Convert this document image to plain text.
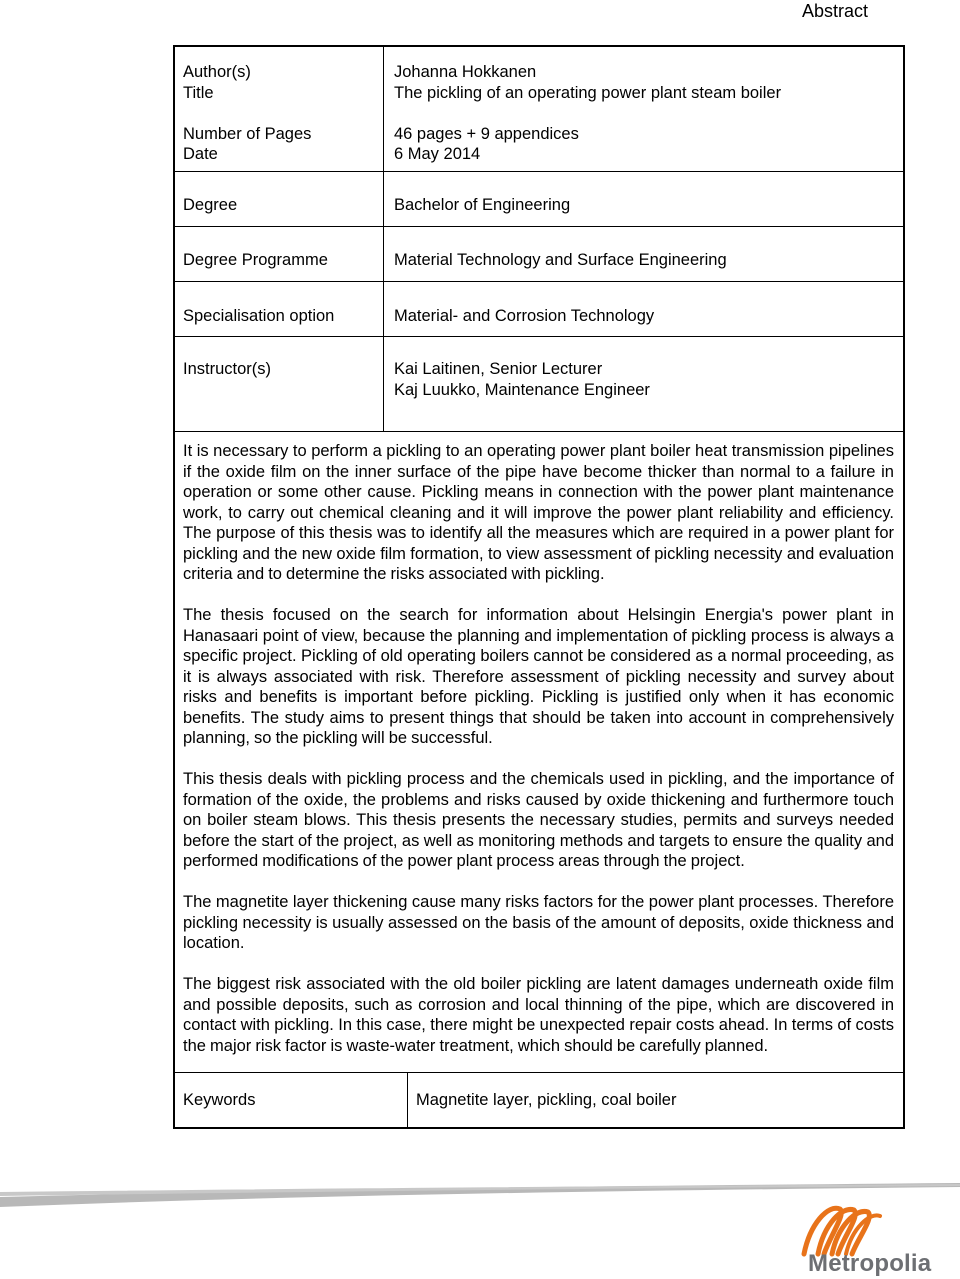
Abstract
Author(s)
Title
Number of Pages
Date
Degree
Degree Programme
Specialisation option
Instructor(s)
Johanna Hokkanen
The pickling of an operating power plant steam boiler
46 pages + 9 appendices
6 May 2014
Bachelor of Engineering
Material Technology and Surface Engineering
Material- and Corrosion Technology
Kai Laitinen, Senior Lecturer
Kaj Luukko, Maintenance Engineer

It is necessary to perform a pickling to an operating power plant boiler heat transmission pipelines if the oxide film on the inner surface of the pipe have become thicker than normal to a failure in operation or some other cause. Pickling means in connection with the power plant maintenance work, to carry out chemical cleaning and it will improve the power plant reliability and efficiency. The purpose of this thesis was to identify all the measures which are required in a power plant for pickling and the new oxide film formation, to view assessment of pickling necessity and evaluation criteria and to determine the risks associated with pickling.

The thesis focused on the search for information about Helsingin Energia's power plant in Hanasaari point of view, because the planning and implementation of pickling process is always a specific project. Pickling of old operating boilers cannot be considered as a normal proceeding, as it is always associated with risk. Therefore assessment of pickling necessity and survey about risks and benefits is important before pickling. Pickling is justified only when it has economic benefits. The study aims to present things that should be taken into account in comprehensively planning, so the pickling will be successful.

This thesis deals with pickling process and the chemicals used in pickling, and the importance of formation of the oxide, the problems and risks caused by oxide thickening and furthermore touch on boiler steam blows. This thesis presents the necessary studies, permits and surveys needed before the start of the project, as well as monitoring methods and targets to ensure the quality and performed modifications of the power plant process areas through the project.

The magnetite layer thickening cause many risks factors for the power plant processes. Therefore pickling necessity is usually assessed on the basis of the amount of deposits, oxide thickness and location.

The biggest risk associated with the old boiler pickling are latent damages underneath oxide film and possible deposits, such as corrosion and local thinning of the pipe, which are discovered in contact with pickling. In this case, there might be unexpected repair costs ahead. In terms of costs the major risk factor is waste-water treatment, which should be carefully planned.

Keywords	Magnetite layer, pickling, coal boiler
Metropolia
